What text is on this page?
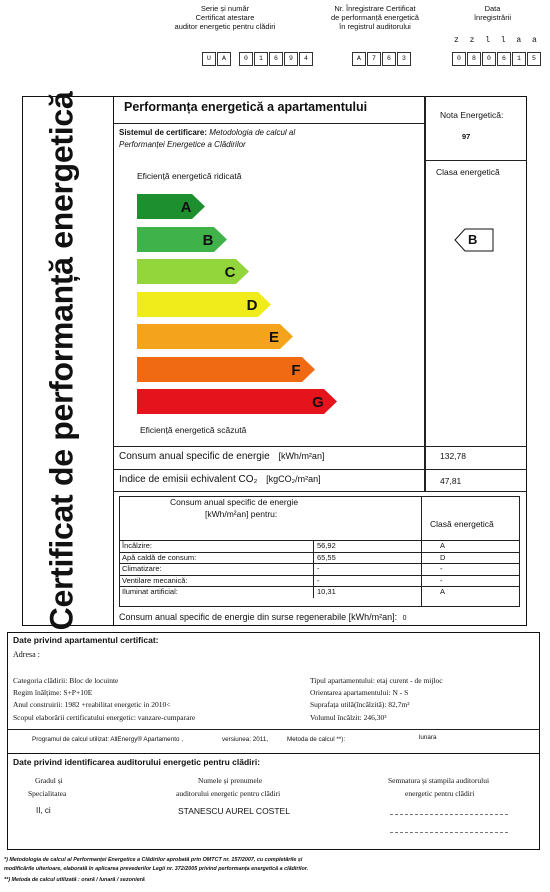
Serie și număr
Certificat atestare
auditor energetic pentru clădiri
U	A	0	1	6	9	4
Nr. Înregistrare Certificat
de performanță energetică
în registrul auditorului
A	7	6	3
Data
înregistrării
z z l l a a
0	8	0	6	1	5
Certificat de performanță energetică	Performanța energetică a apartamentului
Nota Energetică:
97
Clasa energetică
Sistemul de certificare: Metodologia de calcul al
Performanței Energetice a Clădirilor
Eficiență energetică ridicată
Eficiență energetică scăzută
A
B
C
D
E
F
G
B
Consum anual specific de energie [kWh/m²an]	132,78
Indice de emisii echivalent CO₂ [kgCO₂/m²an]	47,81
Consum anual specific de energie
[kWh/m²an] pentru:
Clasă energetică
Încălzire:	56,92	A
Apă caldă de consum:	65,55	D
Climatizare:	-	-
Ventilare mecanică:	-	-
Iluminat artificial:	10,31	A
Consum anual specific de energie din surse regenerabile [kWh/m²an]: 0
Date privind apartamentul certificat:
Adresa :
Categoria clădirii: Bloc de locuinte
Regim înălțime: S+P+10E
Anul construirii: 1982 +reabilitat energetic in 2010<
Scopul elaborării certificatului energetic: vanzare-cumparare
Tipul apartamentului: etaj curent - de mijloc
Orientarea apartamentului: N - S
Suprafața utilă(încălzită): 82,7m²
Volumul încălzit: 246,30³
Programul de calcul utilizat: AllEnergy® Apartamento ,	versiunea: 2011,	Metoda de calcul **):	lunara
Date privind identificarea auditorului energetic pentru clădiri:
Gradul și
Specialitatea
Numele și prenumele
auditorului energetic pentru clădiri
Semnatura și stampila auditorului
energetic pentru clădiri
II, ci	STANESCU AUREL COSTEL
*) Metodologia de calcul al Performanței Energetice a Clădirilor aprobată prin OMTCT nr. 157/2007, cu completările și
modificările ulterioare, elaborată în aplicarea prevederilor Legii nr. 372/2005 privind performanța energetică a clădirilor.
**) Metoda de calcul utilizată : orară / lunară / sezonieră
